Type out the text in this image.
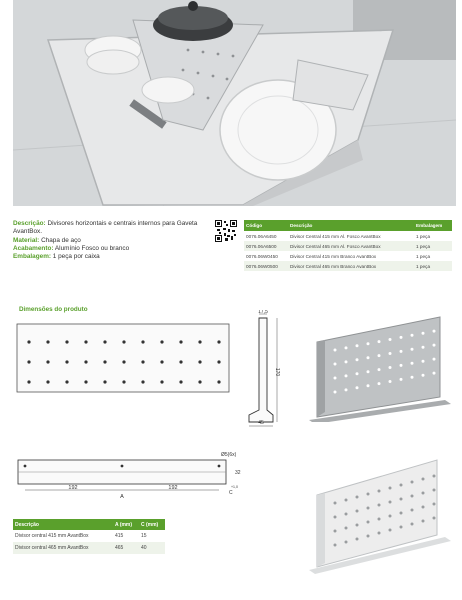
Descrição: Divisores horizontais e centrais internos para Gaveta AvantBox.
Material: Chapa de aço
Acabamento: Alumínio Fosco ou branco
Embalagem: 1 peça por caixa
Código	Descrição	Embalagem
0076.06A6450	Divisor Central 415 mm Al. Fosco AvantBox	1 peça
0076.06A6500	Divisor Central 465 mm Al. Fosco AvantBox	1 peça
0076.06W0450	Divisor Central 415 mm Branco AvantBox	1 peça
0076.06W0500	Divisor Central 465 mm Branco AvantBox	1 peça
Dimensões do produto	17,5
170
45
Ø5(6x)
32
192	192
A
C
+1,0
Descrição	A (mm)	C (mm)
Divisor central 415 mm AvantBox	415	15
Divisor central 465 mm AvantBox	465	40
